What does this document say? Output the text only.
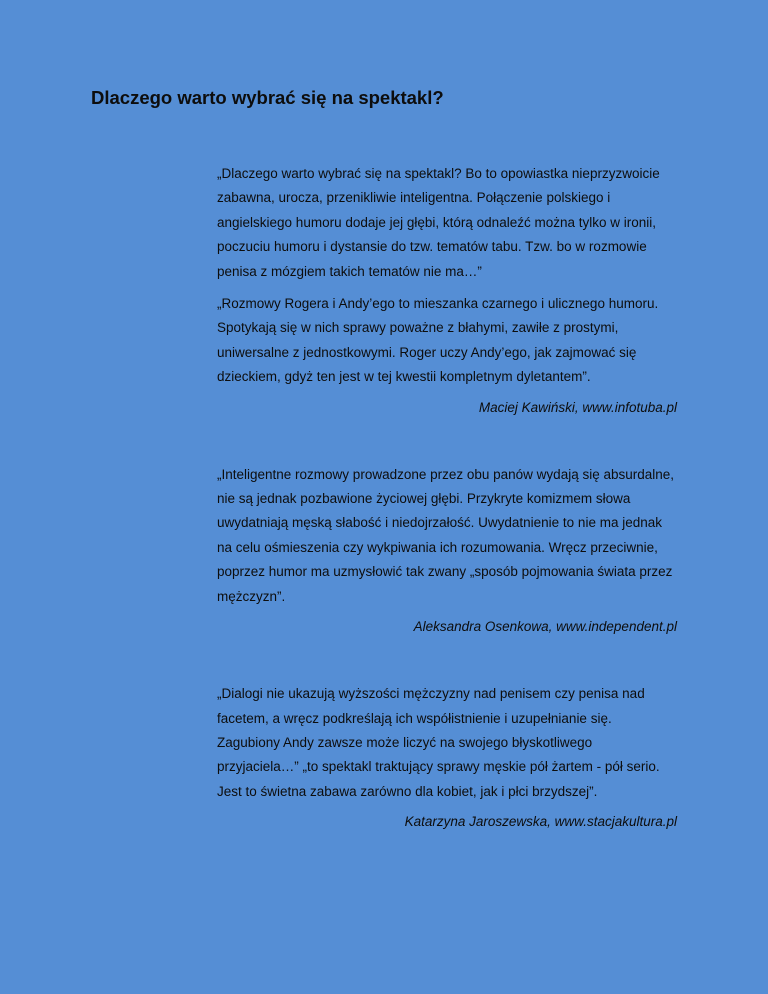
Dlaczego warto wybrać się na spektakl?

„Dlaczego warto wybrać się na spektakl? Bo to opowiastka nieprzyzwoicie zabawna, urocza, przenikliwie inteligentna. Połączenie polskiego i angielskiego humoru dodaje jej głębi, którą odnaleźć można tylko w ironii, poczuciu humoru i dystansie do tzw. tematów tabu. Tzw. bo w rozmowie penisa z mózgiem takich tematów nie ma…”

„Rozmowy Rogera i Andy’ego to mieszanka czarnego i ulicznego humoru. Spotykają się w nich sprawy poważne z błahymi, zawiłe z prostymi, uniwersalne z jednostkowymi. Roger uczy Andy’ego, jak zajmować się dzieckiem, gdyż ten jest w tej kwestii kompletnym dyletantem”.

Maciej Kawiński, www.infotuba.pl

„Inteligentne rozmowy prowadzone przez obu panów wydają się absurdalne, nie są jednak pozbawione życiowej głębi. Przykryte komizmem słowa uwydatniają męską słabość i niedojrzałość. Uwydatnienie to nie ma jednak na celu ośmieszenia czy wykpiwania ich rozumowania. Wręcz przeciwnie, poprzez humor ma uzmysłowić tak zwany „sposób pojmowania świata przez mężczyzn”.

Aleksandra Osenkowa, www.independent.pl

„Dialogi nie ukazują wyższości mężczyzny nad penisem czy penisa nad facetem, a wręcz podkreślają ich współistnienie i uzupełnianie się. Zagubiony Andy zawsze może liczyć na swojego błyskotliwego przyjaciela…” „to spektakl traktujący sprawy męskie pół żartem - pół serio. Jest to świetna zabawa zarówno dla kobiet, jak i płci brzydszej”.

Katarzyna Jaroszewska, www.stacjakultura.pl
